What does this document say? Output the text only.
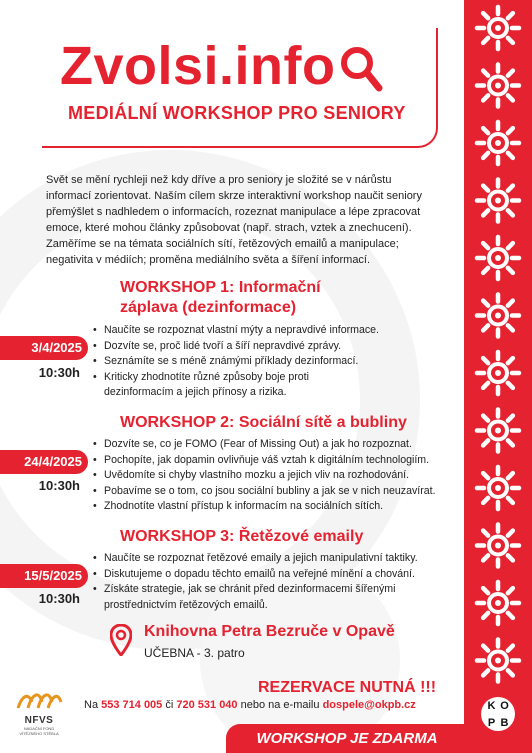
Zvolsi.info
MEDIÁLNÍ WORKSHOP PRO SENIORY
Svět se mění rychleji než kdy dříve a pro seniory je složité se v nárůstu informací zorientovat. Naším cílem skrze interaktivní workshop naučit seniory přemýšlet s nadhledem o informacích, rozeznat manipulace a lépe zpracovat emoce, které mohou články způsobovat (např. strach, vztek a znechucení). Zaměříme se na témata sociálních sítí, řetězových emailů a manipulace; negativita v médiích; proměna mediálního světa a šíření informací.
WORKSHOP 1: Informační záplava (dezinformace)
3/4/2025
10:30h
• Naučíte se rozpoznat vlastní mýty a nepravdivé informace.
• Dozvíte se, proč lidé tvoří a šíří nepravdivé zprávy.
• Seznámíte se s méně známými příklady dezinformací.
• Kriticky zhodnotíte různé způsoby boje proti dezinformacím a jejich přínosy a rizika.
WORKSHOP 2: Sociální sítě a bubliny
24/4/2025
10:30h
• Dozvíte se, co je FOMO (Fear of Missing Out) a jak ho rozpoznat.
• Pochopíte, jak dopamin ovlivňuje váš vztah k digitálním technologiím.
• Uvědomíte si chyby vlastního mozku a jejich vliv na rozhodování.
• Pobavíme se o tom, co jsou sociální bubliny a jak se v nich neuzavírat.
• Zhodnotíte vlastní přístup k informacím na sociálních sítích.
WORKSHOP 3: Řetězové emaily
15/5/2025
10:30h
• Naučíte se rozpoznat řetězové emaily a jejich manipulativní taktiky.
• Diskutujeme o dopadu těchto emailů na veřejné mínění a chování.
• Získáte strategie, jak se chránit před dezinformacemi šířenými prostřednictvím řetězových emailů.
Knihovna Petra Bezruče v Opavě
UČEBNA - 3. patro
NFVS
NADAČNÍ FOND VÍTĚZNÉHO STĚBLA
REZERVACE NUTNÁ !!!
Na 553 714 005 či 720 531 040 nebo na e-mailu dospele@okpb.cz	K O
P B
WORKSHOP JE ZDARMA
